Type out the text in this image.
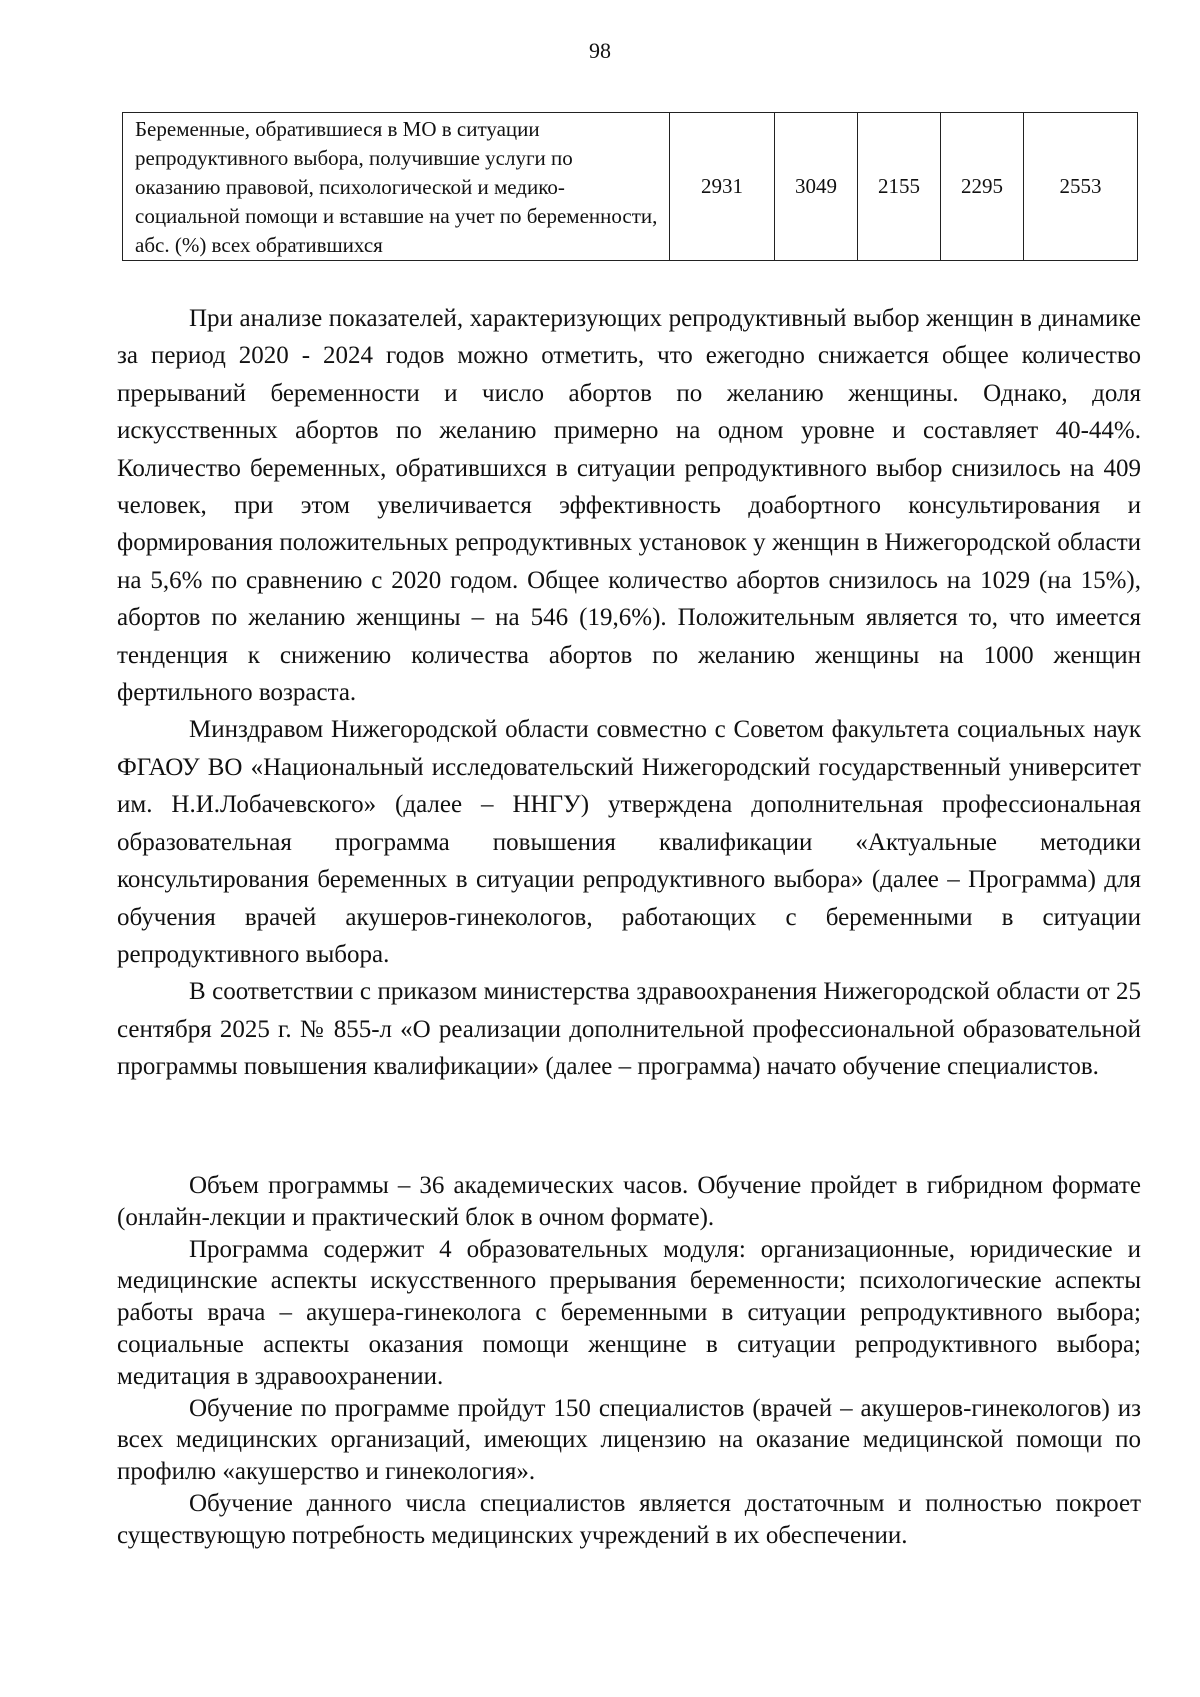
98
Беременные, обратившиеся в МО в ситуации репродуктивного выбора, получившие услуги по оказанию правовой, психологической и медико-социальной помощи и вставшие на учет по беременности, абс. (%) всех обратившихся	2931	3049	2155	2295	2553

При анализе показателей, характеризующих репродуктивный выбор женщин в динамике за период 2020 - 2024 годов можно отметить, что ежегодно снижается общее количество прерываний беременности и число абортов по желанию женщины. Однако, доля искусственных абортов по желанию примерно на одном уровне и составляет 40-44%. Количество беременных, обратившихся в ситуации репродуктивного выбор снизилось на 409 человек, при этом увеличивается эффективность доабортного консультирования и формирования положительных репродуктивных установок у женщин в Нижегородской области на 5,6% по сравнению с 2020 годом. Общее количество абортов снизилось на 1029 (на 15%), абортов по желанию женщины – на 546 (19,6%). Положительным является то, что имеется тенденция к снижению количества абортов по желанию женщины на 1000 женщин фертильного возраста.

Минздравом Нижегородской области совместно с Советом факультета социальных наук ФГАОУ ВО «Национальный исследовательский Нижегородский государственный университет им. Н.И.Лобачевского» (далее – ННГУ) утверждена дополнительная профессиональная образовательная программа повышения квалификации «Актуальные методики консультирования беременных в ситуации репродуктивного выбора» (далее – Программа) для обучения врачей акушеров-гинекологов, работающих с беременными в ситуации репродуктивного выбора.

В соответствии с приказом министерства здравоохранения Нижегородской области от 25 сентября 2025 г. № 855-л «О реализации дополнительной профессиональной образовательной программы повышения квалификации» (далее – программа) начато обучение специалистов.

Объем программы – 36 академических часов. Обучение пройдет в гибридном формате (онлайн-лекции и практический блок в очном формате).

Программа содержит 4 образовательных модуля: организационные, юридические и медицинские аспекты искусственного прерывания беременности; психологические аспекты работы врача – акушера-гинеколога с беременными в ситуации репродуктивного выбора; социальные аспекты оказания помощи женщине в ситуации репродуктивного выбора; медитация в здравоохранении.

Обучение по программе пройдут 150 специалистов (врачей – акушеров-гинекологов) из всех медицинских организаций, имеющих лицензию на оказание медицинской помощи по профилю «акушерство и гинекология».

Обучение данного числа специалистов является достаточным и полностью покроет существующую потребность медицинских учреждений в их обеспечении.
